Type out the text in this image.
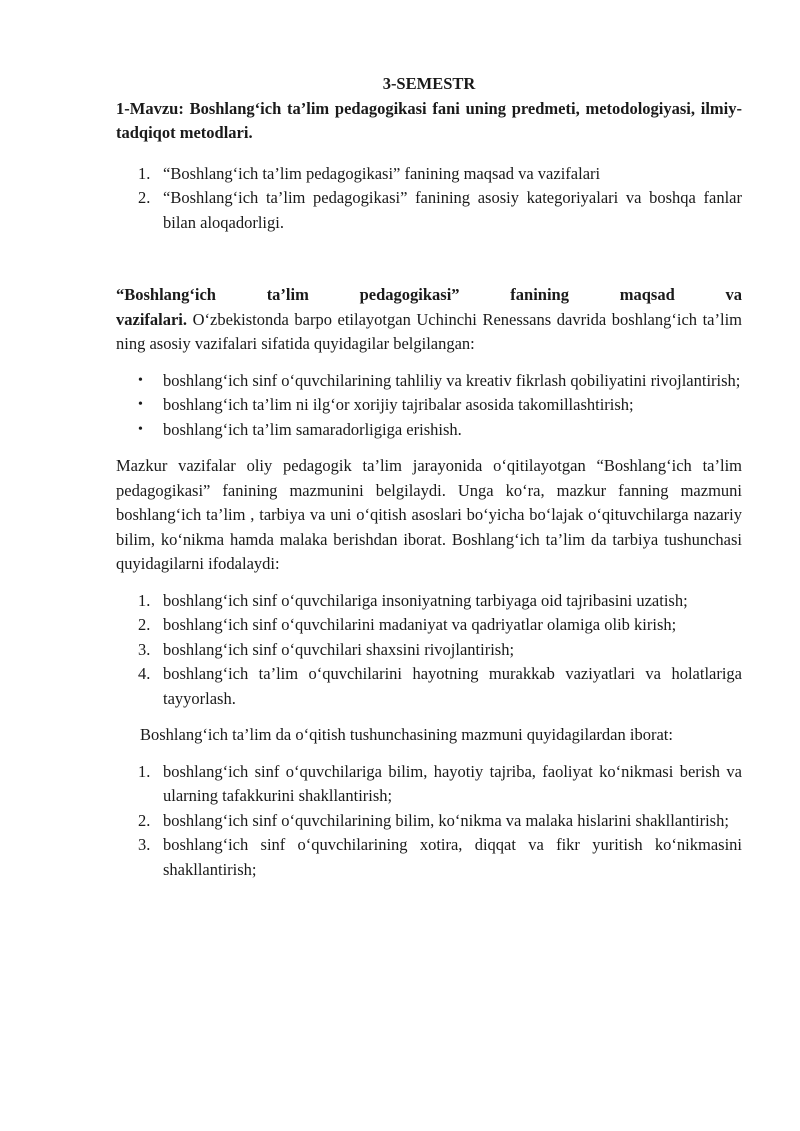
3-SEMESTR
1-Mavzu: Boshlang‘ich ta’lim pedagogikasi fani uning predmeti, metodologiyasi, ilmiy-tadqiqot metodlari.
1. “Boshlang‘ich ta’lim pedagogikasi” fanining maqsad va vazifalari
2. “Boshlang‘ich ta’lim pedagogikasi” fanining asosiy kategoriyalari va boshqa fanlar bilan aloqadorligi.

“Boshlang‘ich ta’lim pedagogikasi” fanining maqsad va
vazifalari. O‘zbekistonda barpo etilayotgan Uchinchi Renessans davrida boshlang‘ich ta’lim ning asosiy vazifalari sifatida quyidagilar belgilangan:

• boshlang‘ich sinf o‘quvchilarining tahliliy va kreativ fikrlash qobiliyatini rivojlantirish;
• boshlang‘ich ta’lim ni ilg‘or xorijiy tajribalar asosida takomillashtirish;
• boshlang‘ich ta’lim samaradorligiga erishish.

Mazkur vazifalar oliy pedagogik ta’lim jarayonida o‘qitilayotgan “Boshlang‘ich ta’lim pedagogikasi” fanining mazmunini belgilaydi. Unga ko‘ra, mazkur fanning mazmuni boshlang‘ich ta’lim , tarbiya va uni o‘qitish asoslari bo‘yicha bo‘lajak o‘qituvchilarga nazariy bilim, ko‘nikma hamda malaka berishdan iborat. Boshlang‘ich ta’lim da tarbiya tushunchasi quyidagilarni ifodalaydi:

1. boshlang‘ich sinf o‘quvchilariga insoniyatning tarbiyaga oid tajribasini uzatish;
2. boshlang‘ich sinf o‘quvchilarini madaniyat va qadriyatlar olamiga olib kirish;
3. boshlang‘ich sinf o‘quvchilari shaxsini rivojlantirish;
4. boshlang‘ich ta’lim o‘quvchilarini hayotning murakkab vaziyatlari va holatlariga tayyorlash.

Boshlang‘ich ta’lim da o‘qitish tushunchasining mazmuni quyidagilardan iborat:

1. boshlang‘ich sinf o‘quvchilariga bilim, hayotiy tajriba, faoliyat ko‘nikmasi berish va ularning tafakkurini shakllantirish;
2. boshlang‘ich sinf o‘quvchilarining bilim, ko‘nikma va malaka hislarini shakllantirish;
3. boshlang‘ich sinf o‘quvchilarining xotira, diqqat va fikr yuritish ko‘nikmasini shakllantirish;
